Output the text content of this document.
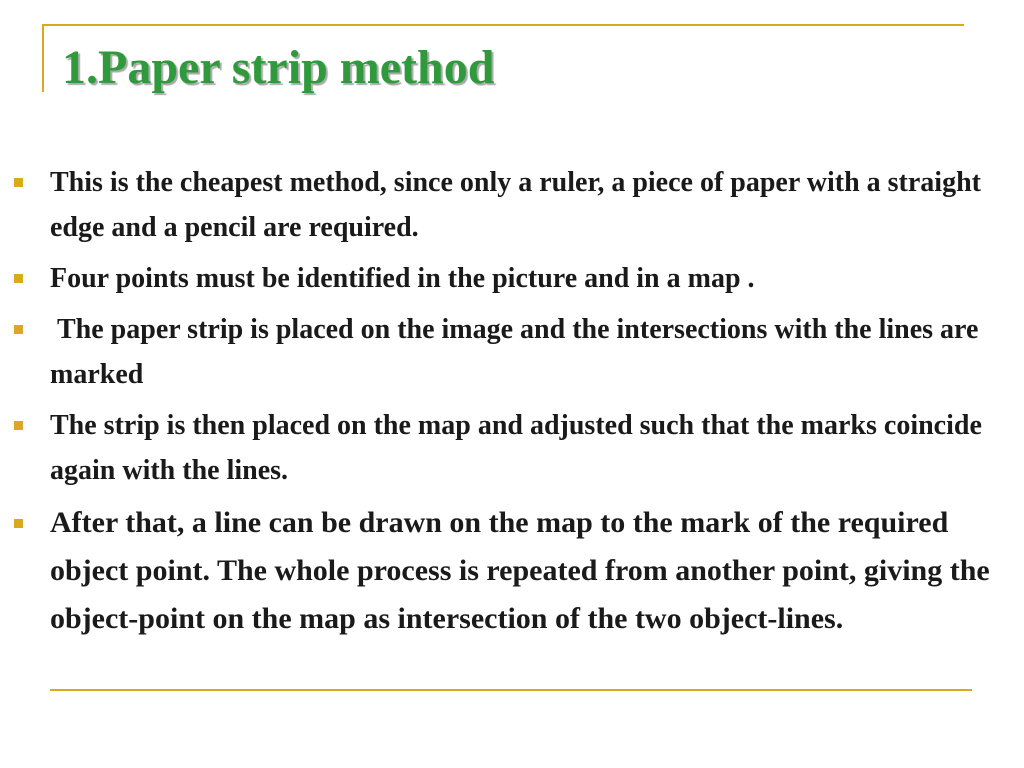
1.Paper strip method
This is the cheapest method, since only a ruler, a piece of paper with a straight edge and a pencil are required.
Four points must be identified in the picture and in a map .
The paper strip is placed on the image and the intersections with the lines are marked
The strip is then placed on the map and adjusted such that the marks coincide again with the lines.
After that, a line can be drawn on the map to the mark of the required object point. The whole process is repeated from another point, giving the object-point on the map as intersection of the two object-lines.
